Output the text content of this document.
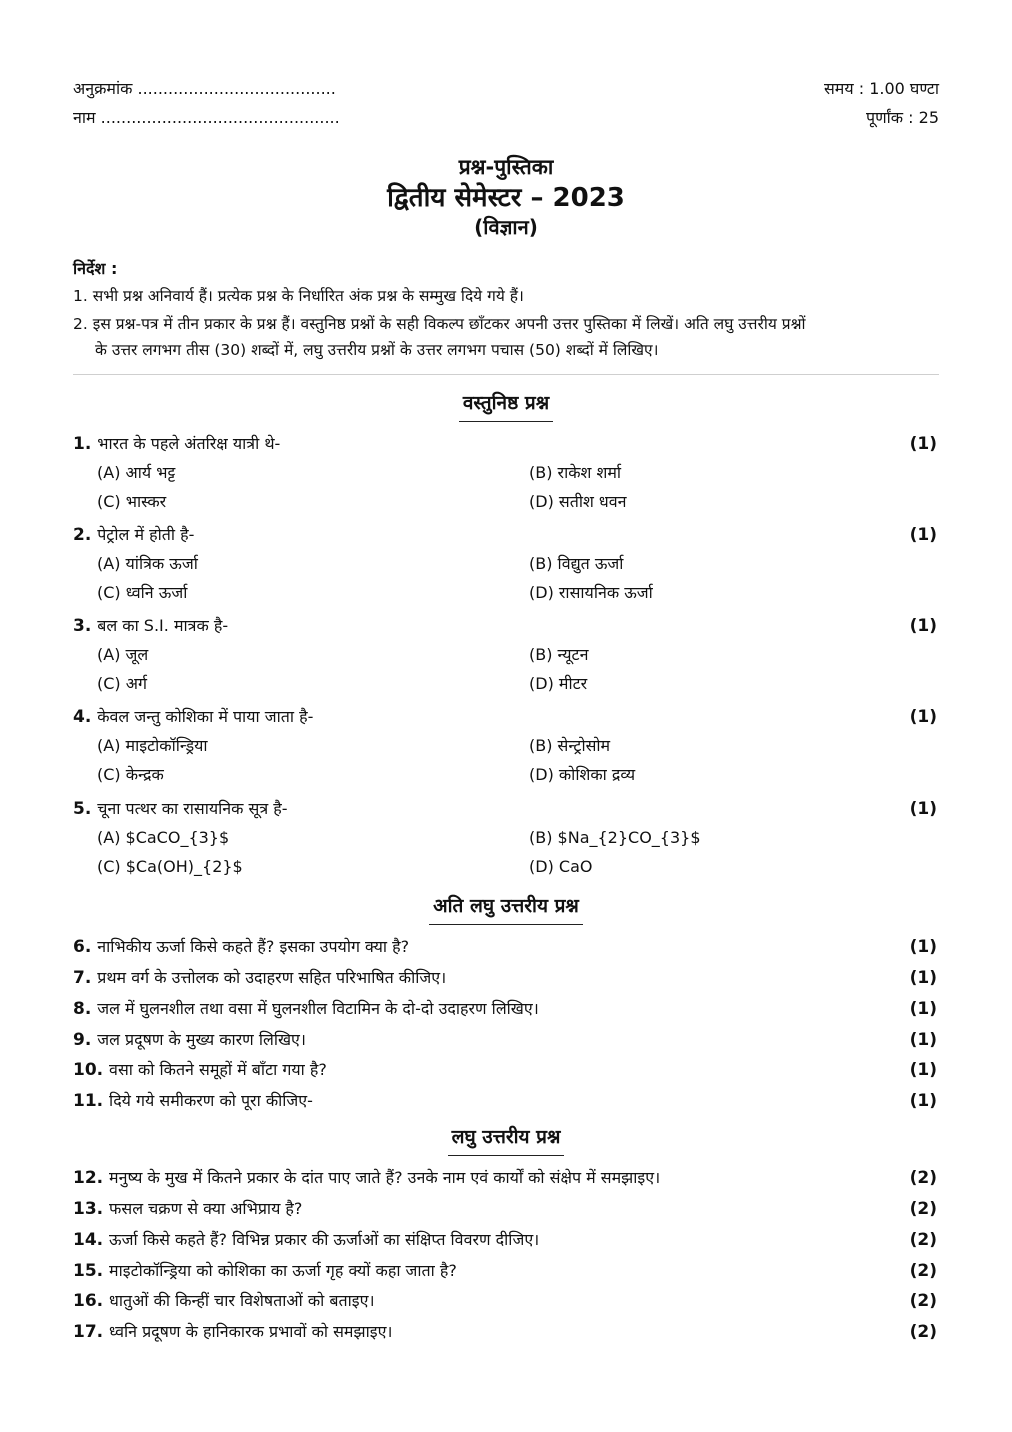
अनुक्रमांक .......................................	समय : 1.00 घण्टा
नाम ...............................................	पूर्णांक : 25
प्रश्न-पुस्तिका
द्वितीय सेमेस्टर – 2023
(विज्ञान)
निर्देश :
1. सभी प्रश्न अनिवार्य हैं। प्रत्येक प्रश्न के निर्धारित अंक प्रश्न के सम्मुख दिये गये हैं।
2. इस प्रश्न-पत्र में तीन प्रकार के प्रश्न हैं। वस्तुनिष्ठ प्रश्नों के सही विकल्प छाँटकर अपनी उत्तर पुस्तिका में लिखें। अति लघु उत्तरीय प्रश्नों
के उत्तर लगभग तीस (30) शब्दों में, लघु उत्तरीय प्रश्नों के उत्तर लगभग पचास (50) शब्दों में लिखिए।
वस्तुनिष्ठ प्रश्न
1. भारत के पहले अंतरिक्ष यात्री थे-	(1)
(A) आर्य भट्ट	(B) राकेश शर्मा
(C) भास्कर	(D) सतीश धवन
2. पेट्रोल में होती है-	(1)
(A) यांत्रिक ऊर्जा	(B) विद्युत ऊर्जा
(C) ध्वनि ऊर्जा	(D) रासायनिक ऊर्जा
3. बल का S.I. मात्रक है-	(1)
(A) जूल	(B) न्यूटन
(C) अर्ग	(D) मीटर
4. केवल जन्तु कोशिका में पाया जाता है-	(1)
(A) माइटोकॉन्ड्रिया	(B) सेन्ट्रोसोम
(C) केन्द्रक	(D) कोशिका द्रव्य
5. चूना पत्थर का रासायनिक सूत्र है-	(1)
(A) $CaCO_{3}$	(B) $Na_{2}CO_{3}$
(C) $Ca(OH)_{2}$	(D) CaO
अति लघु उत्तरीय प्रश्न
6. नाभिकीय ऊर्जा किसे कहते हैं? इसका उपयोग क्या है?	(1)
7. प्रथम वर्ग के उत्तोलक को उदाहरण सहित परिभाषित कीजिए।	(1)
8. जल में घुलनशील तथा वसा में घुलनशील विटामिन के दो-दो उदाहरण लिखिए।	(1)
9. जल प्रदूषण के मुख्य कारण लिखिए।	(1)
10. वसा को कितने समूहों में बाँटा गया है?	(1)
11. दिये गये समीकरण को पूरा कीजिए-	(1)
लघु उत्तरीय प्रश्न
12. मनुष्य के मुख में कितने प्रकार के दांत पाए जाते हैं? उनके नाम एवं कार्यों को संक्षेप में समझाइए।	(2)
13. फसल चक्रण से क्या अभिप्राय है?	(2)
14. ऊर्जा किसे कहते हैं? विभिन्न प्रकार की ऊर्जाओं का संक्षिप्त विवरण दीजिए।	(2)
15. माइटोकॉन्ड्रिया को कोशिका का ऊर्जा गृह क्यों कहा जाता है?	(2)
16. धातुओं की किन्हीं चार विशेषताओं को बताइए।	(2)
17. ध्वनि प्रदूषण के हानिकारक प्रभावों को समझाइए।	(2)
